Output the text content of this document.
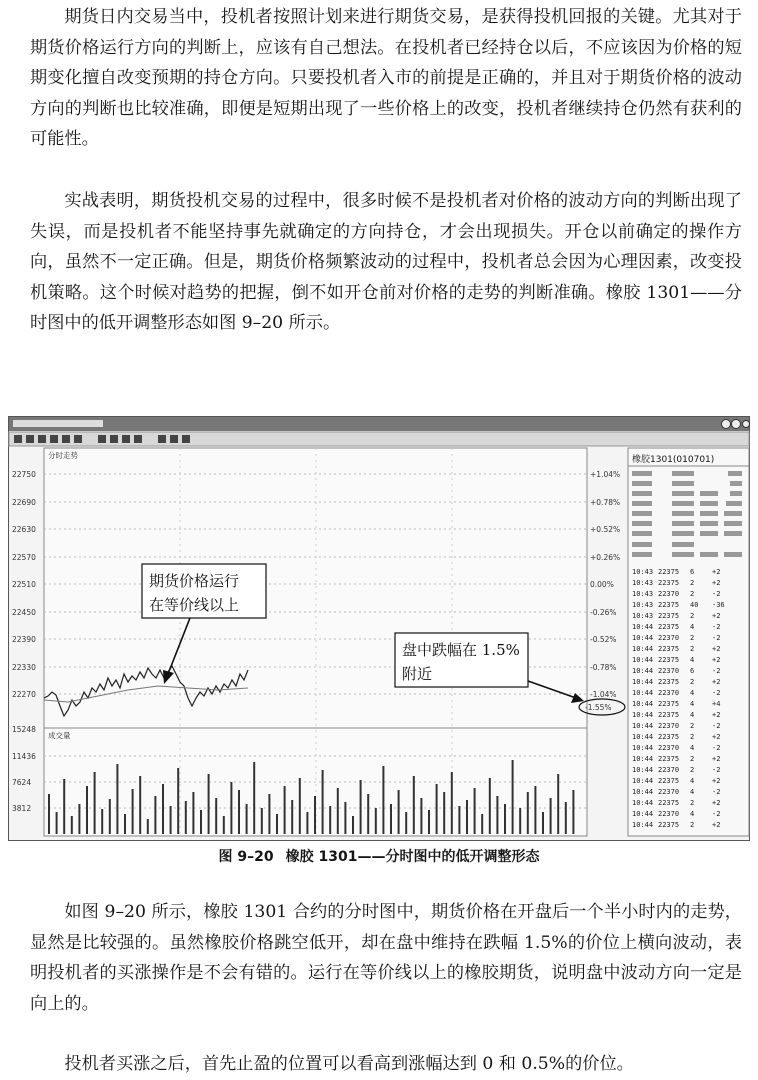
期货日内交易当中，投机者按照计划来进行期货交易，是获得投机回报的关键。尤其对于期货价格运行方向的判断上，应该有自己想法。在投机者已经持仓以后，不应该因为价格的短期变化擅自改变预期的持仓方向。只要投机者入市的前提是正确的，并且对于期货价格的波动方向的判断也比较准确，即便是短期出现了一些价格上的改变，投机者继续持仓仍然有获利的可能性。

实战表明，期货投机交易的过程中，很多时候不是投机者对价格的波动方向的判断出现了失误，而是投机者不能坚持事先就确定的方向持仓，才会出现损失。开仓以前确定的操作方向，虽然不一定正确。但是，期货价格频繁波动的过程中，投机者总会因为心理因素，改变投机策略。这个时候对趋势的把握，倒不如开仓前对价格的走势的判断准确。橡胶 1301——分时图中的低开调整形态如图 9–20 所示。

分时走势
成交量
22750
22690
22630
22570
22510
22450
22390
22330
22270
15248
11436
7624
3812
+1.04%
+0.78%
+0.52%
+0.26%
0.00%
-0.26%
-0.52%
-0.78%
-1.04%
橡胶1301(010701)
10:43 22375 6	+2
10:43 22375 2	+2
10:43 22370 2	-2
10:43 22375 40 -36
10:43 22375 2	+2
10:44 22375 4	-2
10:44 22370 2	-2
10:44 22375 2	+2
10:44 22375 4	+2
10:44 22370 6	-2
10:44 22375 2	+2
10:44 22370 4	-2
10:44 22375 4	+4
10:44 22375 4	+2
10:44 22370 2	-2
10:44 22375 2	+2
10:44 22370 4	-2
10:44 22375 2	+2
10:44 22370 2	-2
10:44 22375 4	+2
10:44 22370 4	-2
10:44 22375 2	+2
10:44 22370 4	-2
10:44 22375 2	+2
期货价格运行
在等价线以上
盘中跌幅在 1.5%
附近
-1.55%
图 9–20 橡胶 1301——分时图中的低开调整形态

如图 9–20 所示，橡胶 1301 合约的分时图中，期货价格在开盘后一个半小时内的走势，显然是比较强的。虽然橡胶价格跳空低开，却在盘中维持在跌幅 1.5%的价位上横向波动，表明投机者的买涨操作是不会有错的。运行在等价线以上的橡胶期货，说明盘中波动方向一定是向上的。

投机者买涨之后，首先止盈的位置可以看高到涨幅达到 0 和 0.5%的价位。
